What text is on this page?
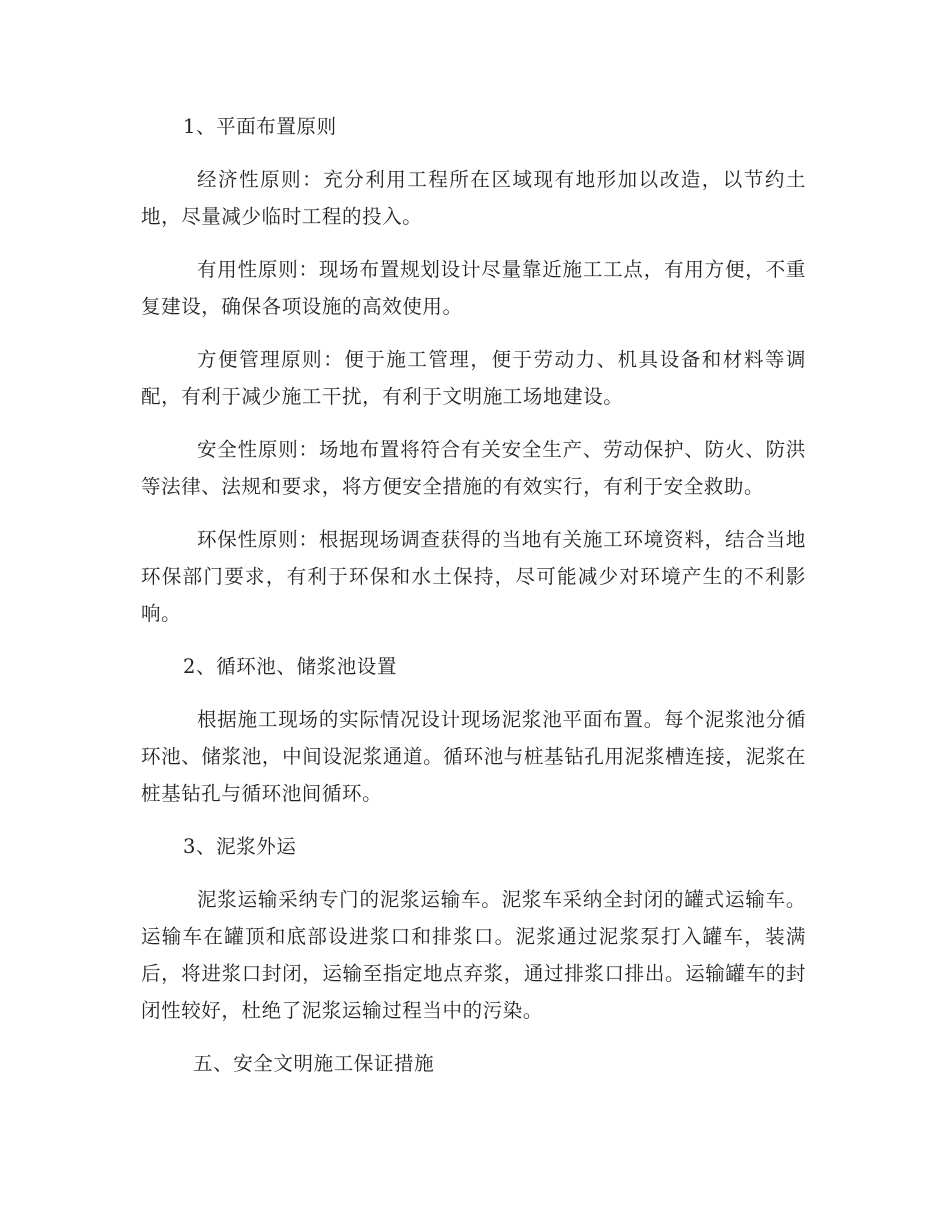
1、平面布置原则

经济性原则：充分利用工程所在区域现有地形加以改造，以节约土地，尽量减少临时工程的投入。

有用性原则：现场布置规划设计尽量靠近施工工点，有用方便，不重复建设，确保各项设施的高效使用。

方便管理原则：便于施工管理，便于劳动力、机具设备和材料等调配，有利于减少施工干扰，有利于文明施工场地建设。

安全性原则：场地布置将符合有关安全生产、劳动保护、防火、防洪等法律、法规和要求，将方便安全措施的有效实行，有利于安全救助。

环保性原则：根据现场调查获得的当地有关施工环境资料，结合当地环保部门要求，有利于环保和水土保持，尽可能减少对环境产生的不利影响。

2、循环池、储浆池设置

根据施工现场的实际情况设计现场泥浆池平面布置。每个泥浆池分循环池、储浆池，中间设泥浆通道。循环池与桩基钻孔用泥浆槽连接，泥浆在桩基钻孔与循环池间循环。

3、泥浆外运

泥浆运输采纳专门的泥浆运输车。泥浆车采纳全封闭的罐式运输车。运输车在罐顶和底部设进浆口和排浆口。泥浆通过泥浆泵打入罐车，装满后，将进浆口封闭，运输至指定地点弃浆，通过排浆口排出。运输罐车的封闭性较好，杜绝了泥浆运输过程当中的污染。

五、安全文明施工保证措施
